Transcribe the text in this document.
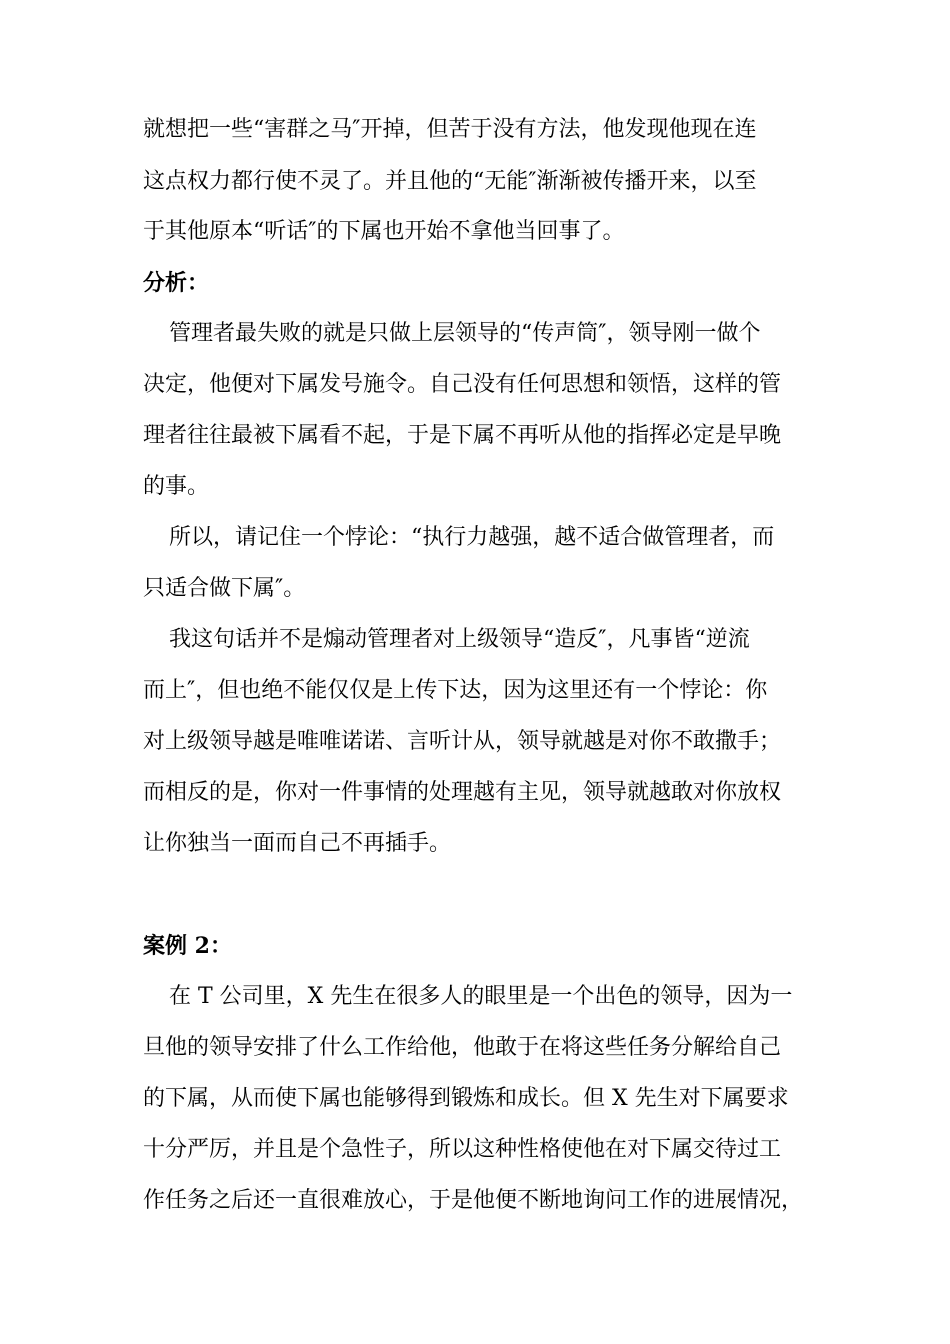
就想把一些“害群之马″开掉，但苦于没有方法，他发现他现在连
这点权力都行使不灵了。并且他的“无能″渐渐被传播开来，以至
于其他原本“听话″的下属也开始不拿他当回事了。
分析：
管理者最失败的就是只做上层领导的“传声筒″，领导刚一做个
决定，他便对下属发号施令。自己没有任何思想和领悟，这样的管
理者往往最被下属看不起，于是下属不再听从他的指挥必定是早晚
的事。
所以，请记住一个悖论：“执行力越强，越不适合做管理者，而
只适合做下属″。
我这句话并不是煽动管理者对上级领导“造反″，凡事皆“逆流
而上″，但也绝不能仅仅是上传下达，因为这里还有一个悖论：你
对上级领导越是唯唯诺诺、言听计从，领导就越是对你不敢撒手；
而相反的是，你对一件事情的处理越有主见，领导就越敢对你放权
让你独当一面而自己不再插手。
案例 2：
在 T 公司里，X 先生在很多人的眼里是一个出色的领导，因为一
旦他的领导安排了什么工作给他，他敢于在将这些任务分解给自己
的下属，从而使下属也能够得到锻炼和成长。但 X 先生对下属要求
十分严厉，并且是个急性子，所以这种性格使他在对下属交待过工
作任务之后还一直很难放心，于是他便不断地询问工作的进展情况，
